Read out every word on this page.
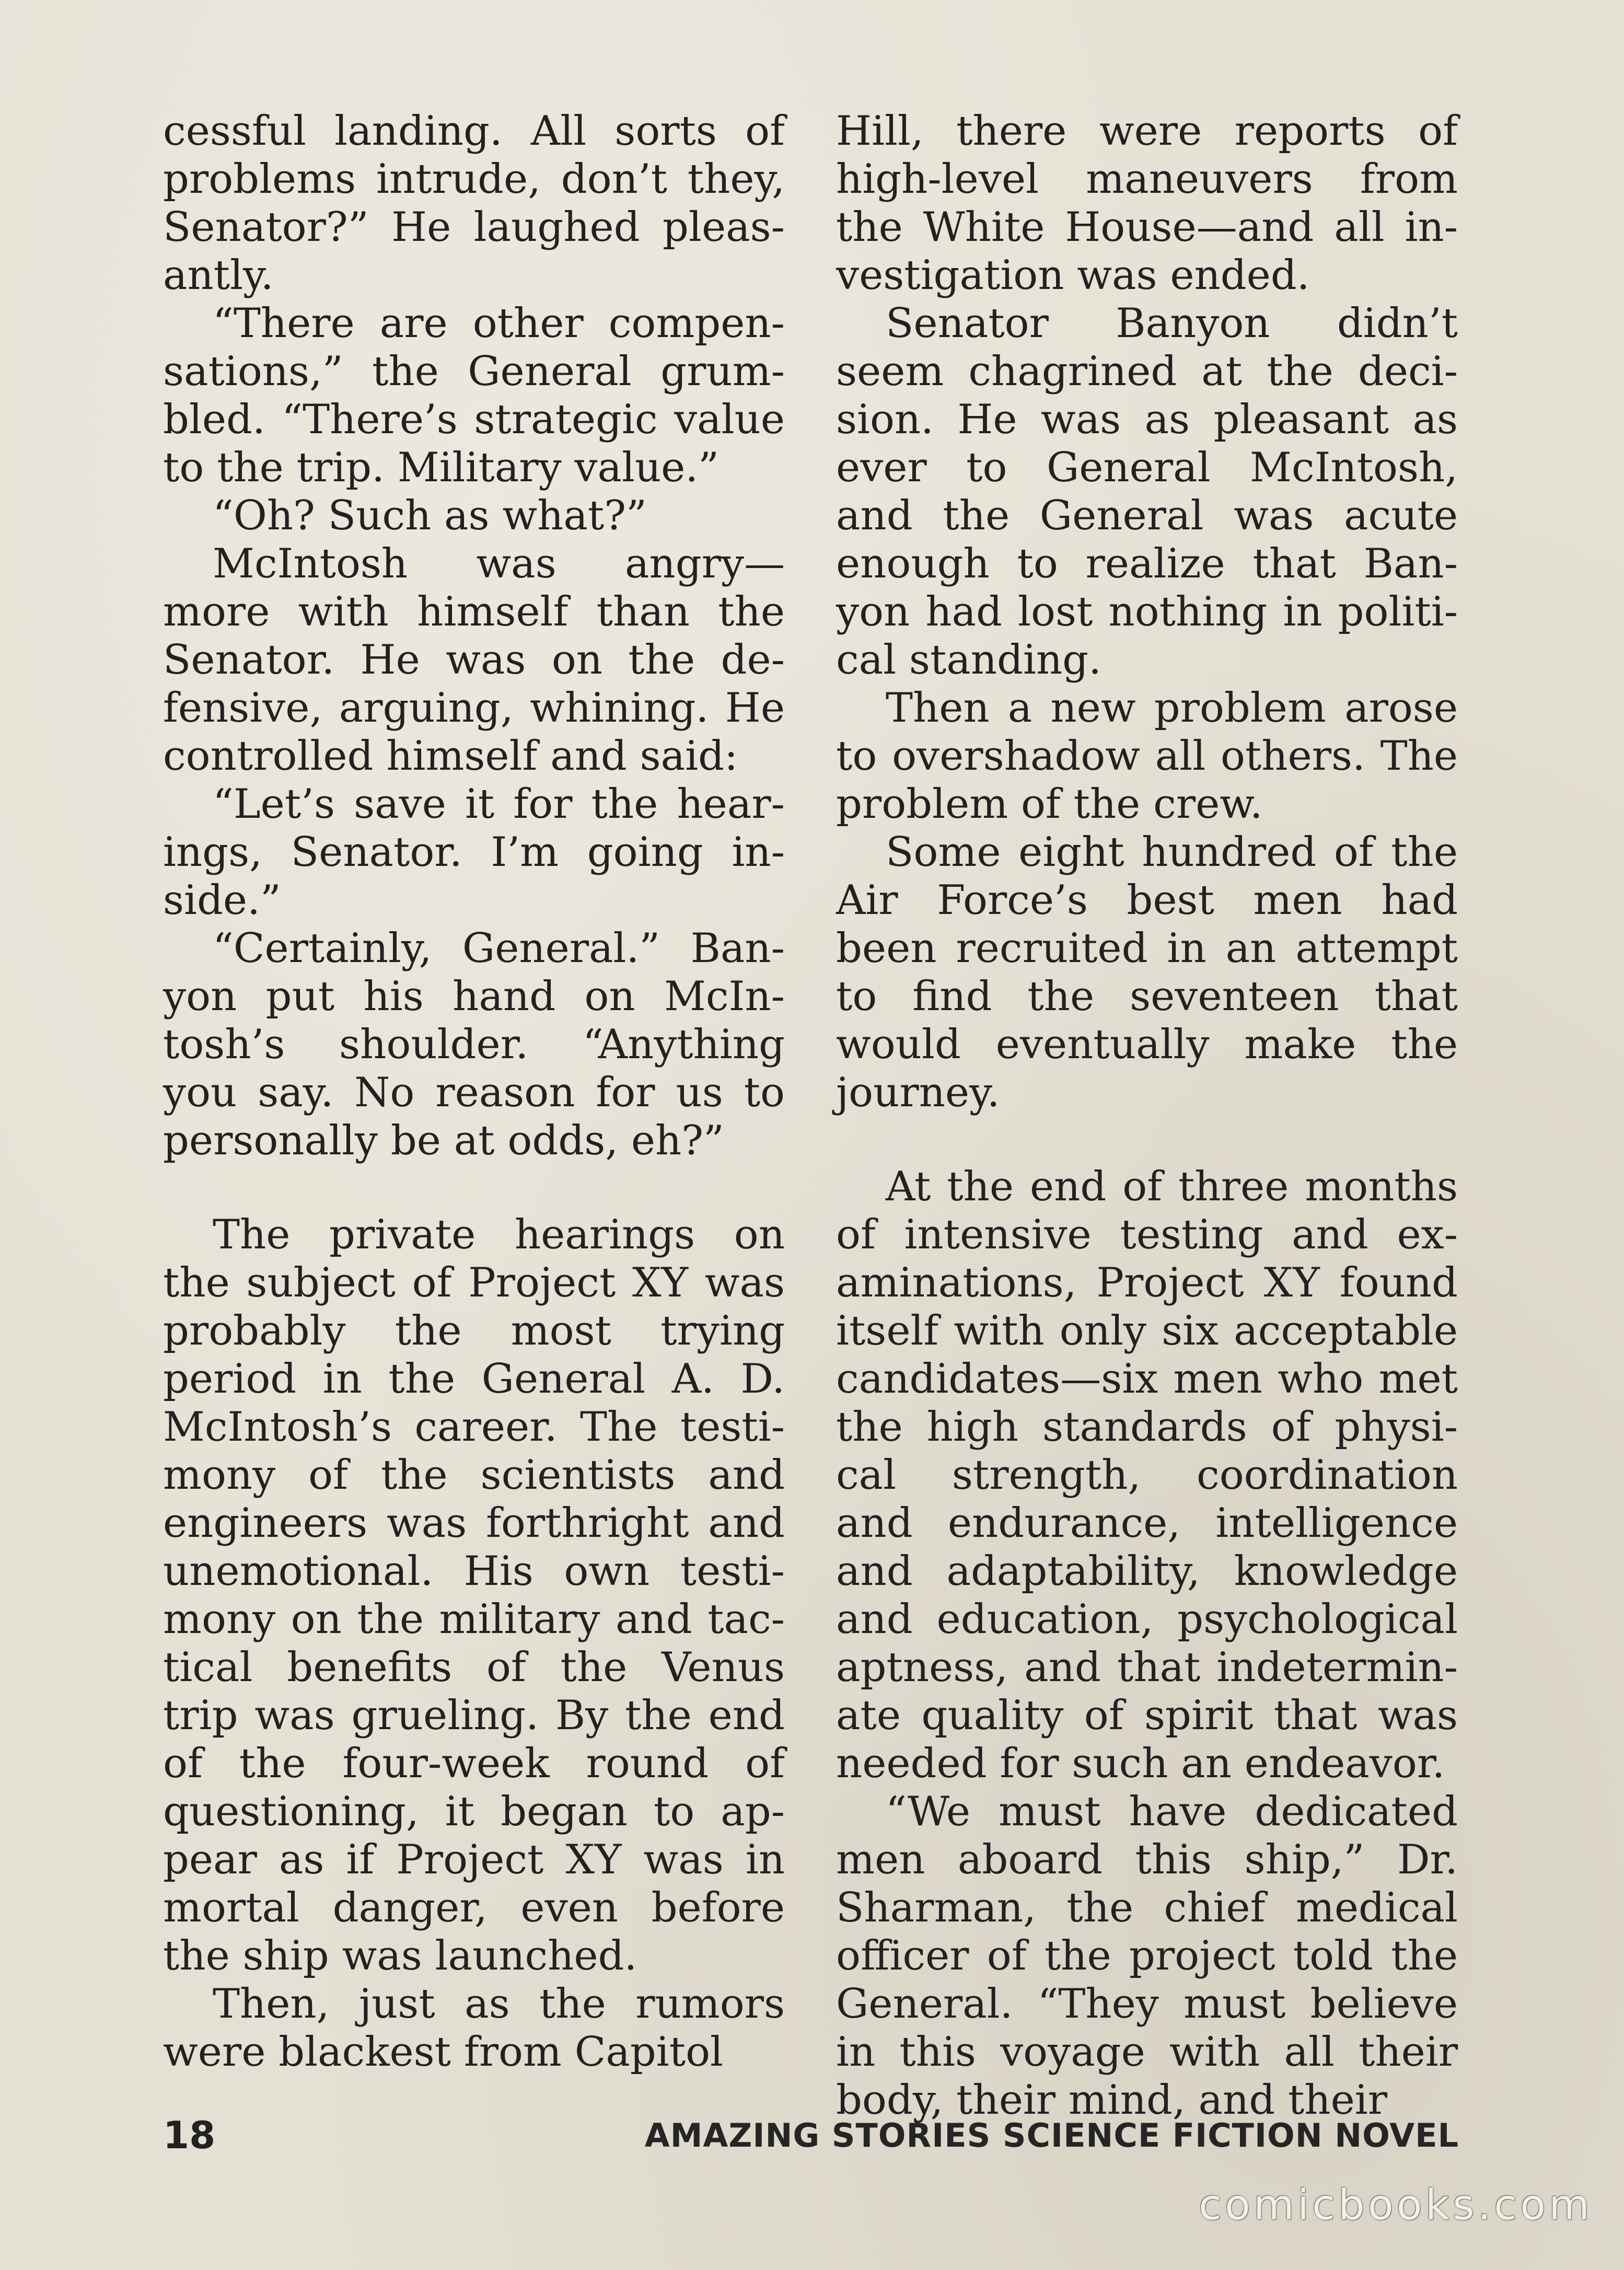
cessful landing. All sorts of problems intrude, don’t they, Senator?” He laughed pleasantly.

“There are other compensations,” the General grumbled. “There’s strategic value to the trip. Military value.”

“Oh? Such as what?”

McIntosh was angry— more with himself than the Senator. He was on the defensive, arguing, whining. He controlled himself and said:

“Let’s save it for the hearings, Senator. I’m going inside.”

“Certainly, General.” Banyon put his hand on McIntosh’s shoulder. “Anything you say. No reason for us to personally be at odds, eh?”

The private hearings on the subject of Project XY was probably the most trying period in the General A. D. McIntosh’s career. The testimony of the scientists and engineers was forthright and unemotional. His own testimony on the military and tactical benefits of the Venus trip was grueling. By the end of the four-week round of questioning, it began to appear as if Project XY was in mortal danger, even before the ship was launched.

Then, just as the rumors were blackest from Capitol

Hill, there were reports of high-level maneuvers from the White House—and all investigation was ended.

Senator Banyon didn’t seem chagrined at the decision. He was as pleasant as ever to General McIntosh, and the General was acute enough to realize that Banyon had lost nothing in political standing.

Then a new problem arose to overshadow all others. The problem of the crew.

Some eight hundred of the Air Force’s best men had been recruited in an attempt to find the seventeen that would eventually make the journey.

At the end of three months of intensive testing and examinations, Project XY found itself with only six acceptable candidates—six men who met the high standards of physical strength, coordination and endurance, intelligence and adaptability, knowledge and education, psychological aptness, and that indeterminate quality of spirit that was needed for such an endeavor.

“We must have dedicated men aboard this ship,” Dr. Sharman, the chief medical officer of the project told the General. “They must believe in this voyage with all their body, their mind, and their

18	AMAZING STORIES SCIENCE FICTION NOVEL
comicbooks.com
